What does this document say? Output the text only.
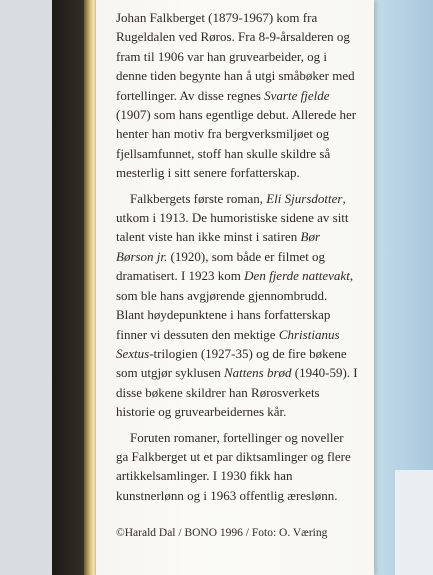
Johan Falkberget (1879-1967) kom fra Rugeldalen ved Røros. Fra 8-9-årsalderen og fram til 1906 var han gruvearbeider, og i denne tiden begynte han å utgi småbøker med fortellinger. Av disse regnes Svarte fjelde (1907) som hans egentlige debut. Allerede her henter han motiv fra bergverksmiljøet og fjellsamfunnet, stoff han skulle skildre så mesterlig i sitt senere forfatterskap.

Falkbergets første roman, Eli Sjursdotter, utkom i 1913. De humoristiske sidene av sitt talent viste han ikke minst i satiren Bør Børson jr. (1920), som både er filmet og dramatisert. I 1923 kom Den fjerde nattevakt, som ble hans avgjørende gjennombrudd. Blant høydepunktene i hans forfatterskap finner vi dessuten den mektige Christianus Sextus-trilogien (1927-35) og de fire bøkene som utgjør syklusen Nattens brød (1940-59). I disse bøkene skildrer han Rørosverkets historie og gruvearbeidernes kår.

Foruten romaner, fortellinger og noveller ga Falkberget ut et par diktsamlinger og flere artikkelsamlinger. I 1930 fikk han kunstnerlønn og i 1963 offentlig æreslønn.

©Harald Dal / BONO 1996 / Foto: O. Væring
